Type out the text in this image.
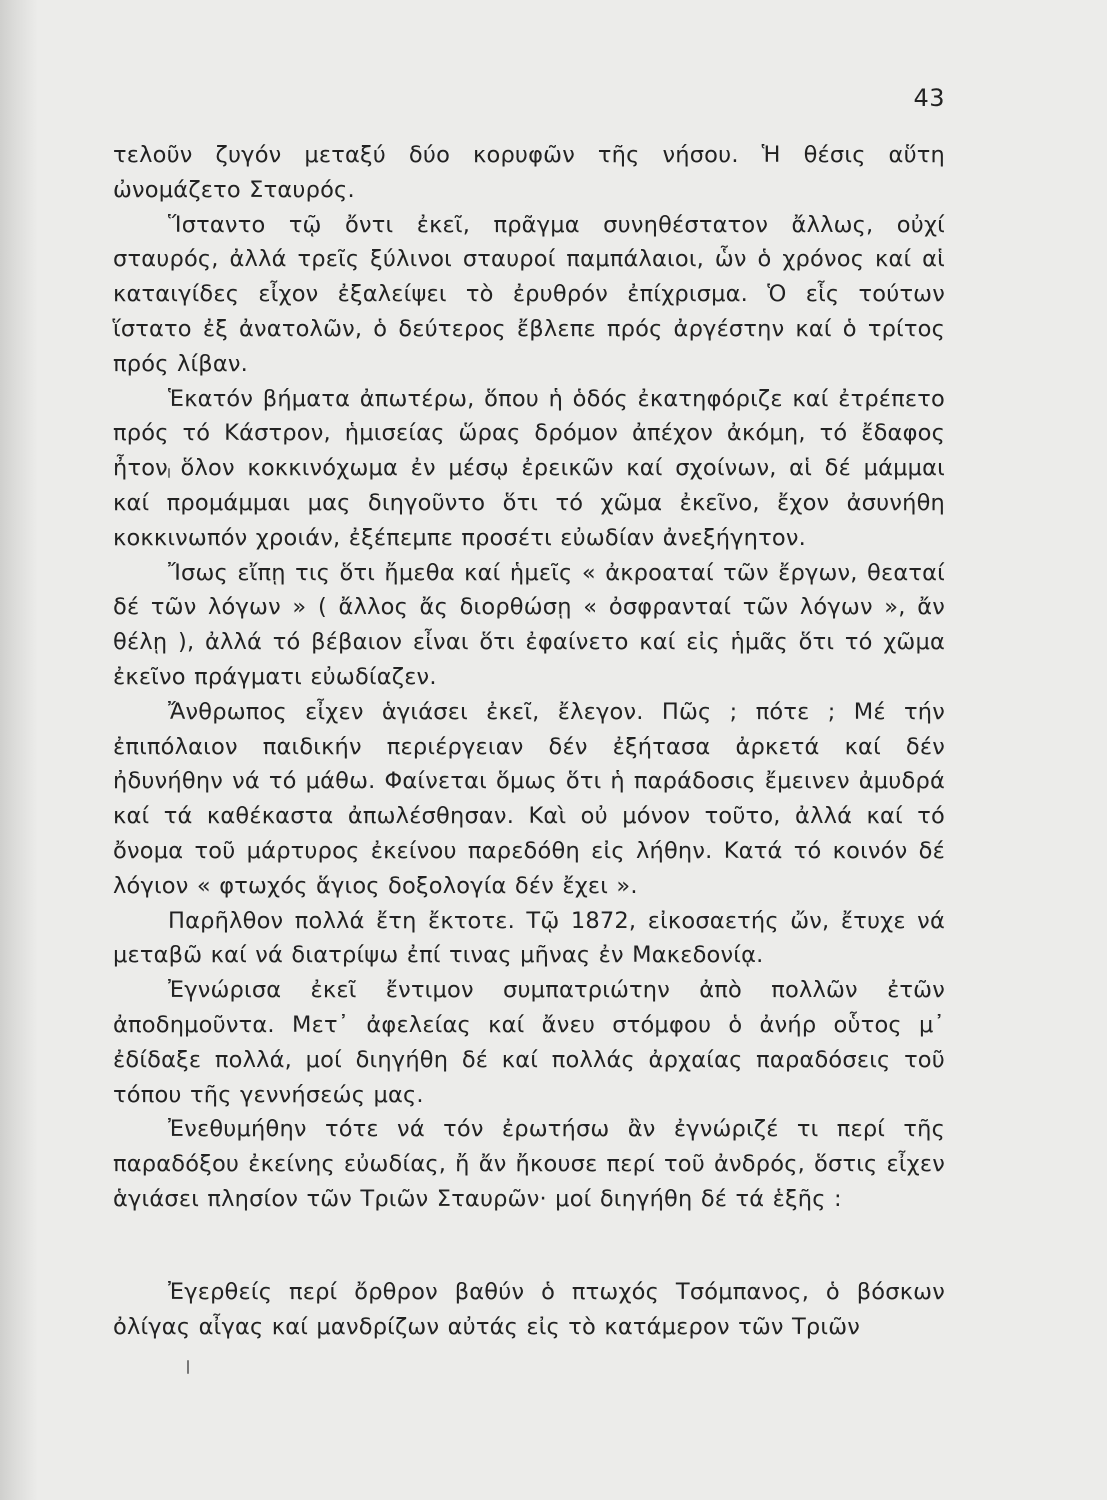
43

τελοῦν ζυγόν μεταξύ δύο κορυφῶν τῆς νήσου. Ἡ θέσις αὕτη ὠνομάζετο Σταυρός.

Ἵσταντο τῷ ὄντι ἐκεῖ, πρᾶγμα συνηθέστατον ἄλλως, οὐχί σταυρός, ἀλλά τρεῖς ξύλινοι σταυροί παμπάλαιοι, ὧν ὁ χρόνος καί αἱ καταιγίδες εἶχον ἐξαλείψει τὸ ἐρυθρόν ἐπίχρισμα. Ὁ εἷς τούτων ἵστατο ἐξ ἀνατολῶν, ὁ δεύτερος ἔβλεπε πρός ἀργέστην καί ὁ τρίτος πρός λίβαν.

Ἑκατόν βήματα ἀπωτέρω, ὅπου ἡ ὁδός ἐκατηφόριζε καί ἐτρέπετο πρός τό Κάστρον, ἡμισείας ὥρας δρόμον ἀπέχον ἀκόμη, τό ἔδαφος ἦτον ὅλον κοκκινόχωμα ἐν μέσῳ ἐρεικῶν καί σχοίνων, αἱ δέ μάμμαι καί προμάμμαι μας διηγοῦντο ὅτι τό χῶμα ἐκεῖνο, ἔχον ἀσυνήθη κοκκινωπόν χροιάν, ἐξέπεμπε προσέτι εὐωδίαν ἀνεξήγητον.

Ἴσως εἴπῃ τις ὅτι ἤμεθα καί ἡμεῖς « ἀκροαταί τῶν ἔργων, θεαταί δέ τῶν λόγων » ( ἄλλος ἄς διορθώσῃ « ὀσφρανταί τῶν λόγων », ἄν θέλῃ ), ἀλλά τό βέβαιον εἶναι ὅτι ἐφαίνετο καί εἰς ἡμᾶς ὅτι τό χῶμα ἐκεῖνο πράγματι εὐωδίαζεν.

Ἄνθρωπος εἶχεν ἁγιάσει ἐκεῖ, ἔλεγον. Πῶς ; πότε ; Μέ τήν ἐπιπόλαιον παιδικήν περιέργειαν δέν ἐξήτασα ἀρκετά καί δέν ἠδυνήθην νά τό μάθω. Φαίνεται ὅμως ὅτι ἡ παράδοσις ἔμεινεν ἀμυδρά καί τά καθέκαστα ἀπωλέσθησαν. Καὶ οὐ μόνον τοῦτο, ἀλλά καί τό ὄνομα τοῦ μάρτυρος ἐκείνου παρεδόθη εἰς λήθην. Κατά τό κοινόν δέ λόγιον « φτωχός ἅγιος δοξολογία δέν ἔχει ».

Παρῆλθον πολλά ἔτη ἔκτοτε. Τῷ 1872, εἰκοσαετής ὤν, ἔτυχε νά μεταβῶ καί νά διατρίψω ἐπί τινας μῆνας ἐν Μακεδονίᾳ.

Ἐγνώρισα ἐκεῖ ἔντιμον συμπατριώτην ἀπὸ πολλῶν ἐτῶν ἀποδημοῦντα. Μετ᾽ ἀφελείας καί ἄνευ στόμφου ὁ ἀνήρ οὗτος μ᾽ ἐδίδαξε πολλά, μοί διηγήθη δέ καί πολλάς ἀρχαίας παραδόσεις τοῦ τόπου τῆς γεννήσεώς μας.

Ἐνεθυμήθην τότε νά τόν ἐρωτήσω ἂν ἐγνώριζέ τι περί τῆς παραδόξου ἐκείνης εὐωδίας, ἤ ἄν ἤκουσε περί τοῦ ἀνδρός, ὅστις εἶχεν ἁγιάσει πλησίον τῶν Τριῶν Σταυρῶν· μοί διηγήθη δέ τά ἑξῆς :

Ἐγερθείς περί ὄρθρον βαθύν ὁ πτωχός Τσόμπανος, ὁ βόσκων ὀλίγας αἶγας καί μανδρίζων αὐτάς εἰς τὸ κατάμερον τῶν Τριῶν
